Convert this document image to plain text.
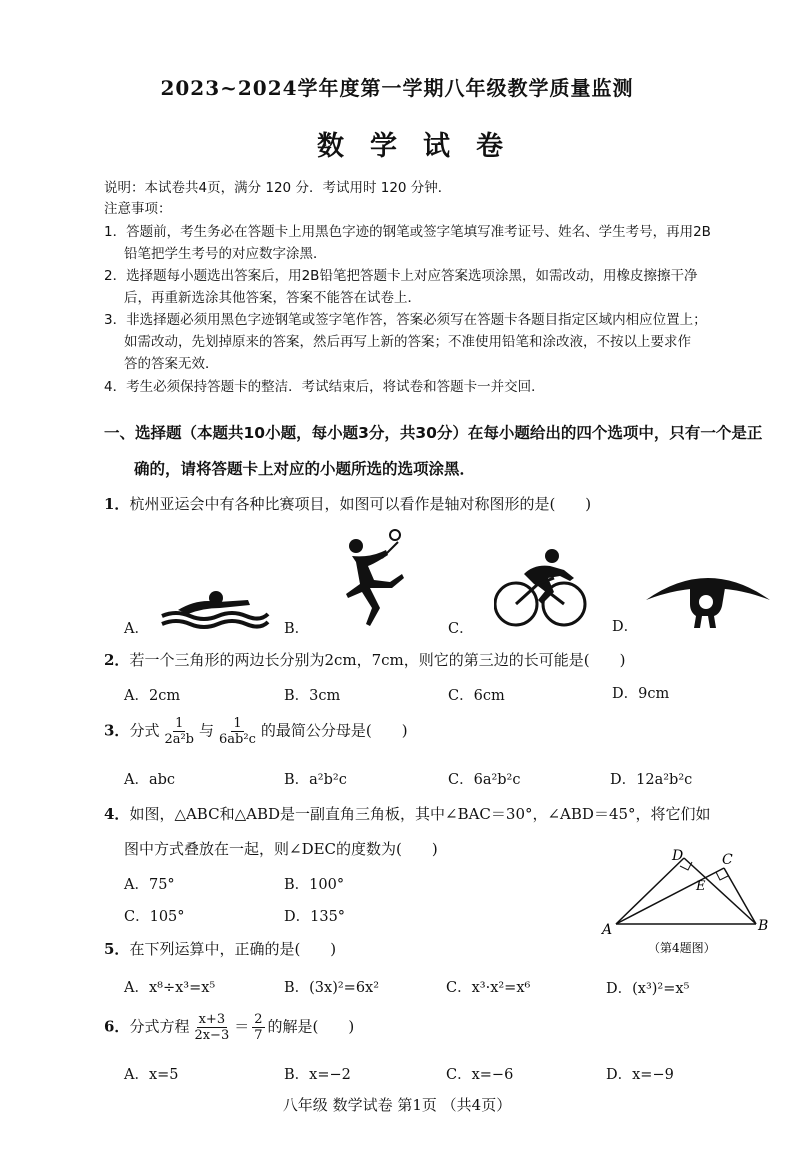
2023~2024学年度第一学期八年级教学质量监测
数学试卷
说明：本试卷共4页，满分 120 分．考试用时 120 分钟．
注意事项：
1．答题前，考生务必在答题卡上用黑色字迹的钢笔或签字笔填写准考证号、姓名、学生考号，再用2B
铅笔把学生考号的对应数字涂黑．
2．选择题每小题选出答案后，用2B铅笔把答题卡上对应答案选项涂黑，如需改动，用橡皮擦擦干净
后，再重新选涂其他答案，答案不能答在试卷上．
3．非选择题必须用黑色字迹钢笔或签字笔作答，答案必须写在答题卡各题目指定区域内相应位置上；
如需改动，先划掉原来的答案，然后再写上新的答案；不准使用铅笔和涂改液，不按以上要求作
答的答案无效．
4．考生必须保持答题卡的整洁．考试结束后，将试卷和答题卡一并交回．
一、选择题（本题共10小题，每小题3分，共30分）在每小题给出的四个选项中，只有一个是正
确的，请将答题卡上对应的小题所选的选项涂黑．
1．杭州亚运会中有各种比赛项目，如图可以看作是轴对称图形的是(　　)
A．	B．	C．	D．
2．若一个三角形的两边长分别为2cm，7cm，则它的第三边的长可能是(　　)
A．2cm	B．3cm	C．6cm	D．9cm
3．分式 $\frac{1}{\text{2a²b}}$ 与 $\frac{1}{\text{6ab²c}}$ 的最简公分母是(　　)
A．abc	B．a²b²c	C．6a²b²c	D．12a²b²c
4．如图，△ABC和△ABD是一副直角三角板，其中∠BAC＝30°，∠ABD＝45°，将它们如
图中方式叠放在一起，则∠DEC的度数为(　　)
A．75°	B．100°
C．105°	D．135°
A	B
C
D
E
（第4题图）
5．在下列运算中，正确的是(　　)
A．x⁸÷x³=x⁵	B．(3x)²=6x²	C．x³·x²=x⁶	D．(x³)²=x⁵
6．分式方程 $\frac{x+3}{2x-3} = \frac{2}{7}$ 的解是(　　)
A．x=5	B．x=−2	C．x=−6	D．x=−9
八年级 数学试卷 第1页 （共4页）
